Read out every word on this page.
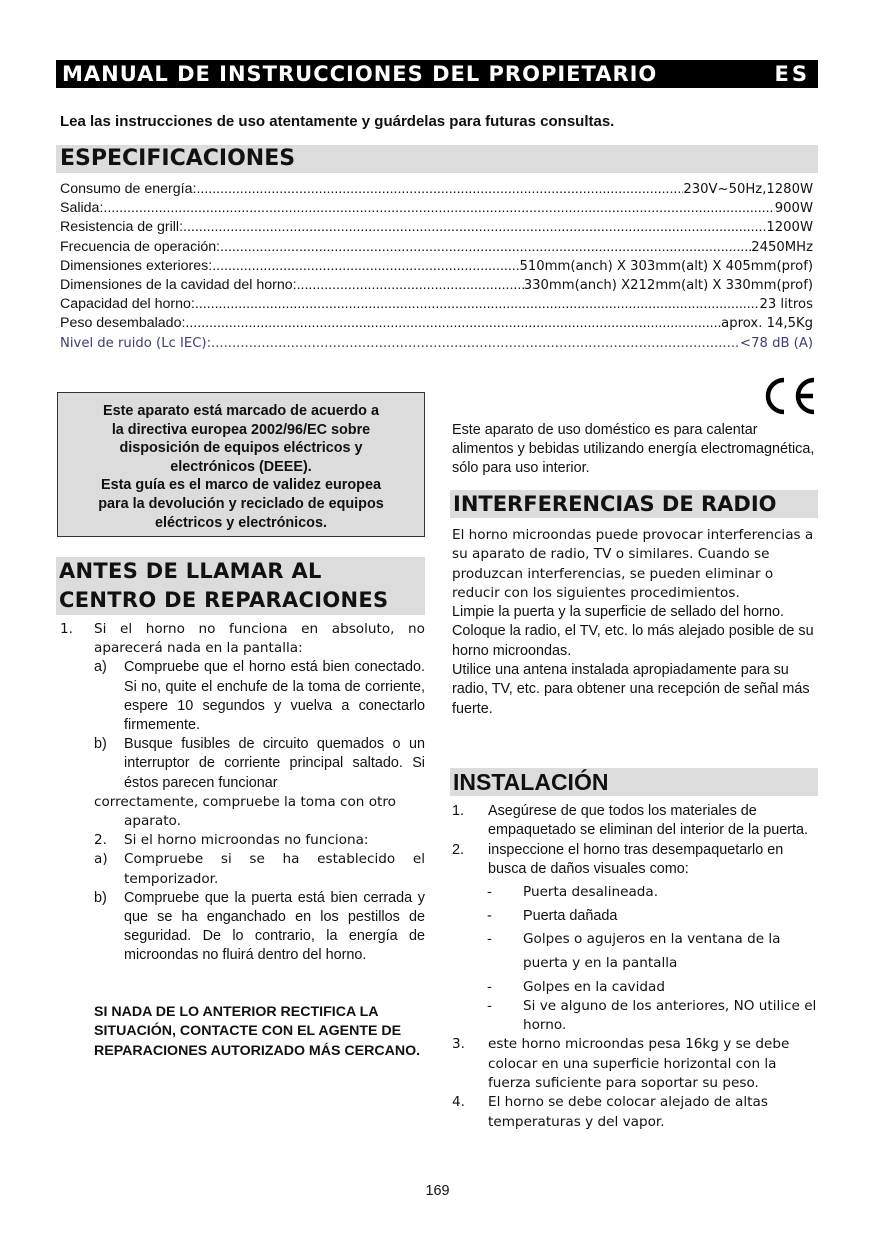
MANUAL DE INSTRUCCIONES DEL PROPIETARIO	ES
Lea las instrucciones de uso atentamente y guárdelas para futuras consultas.
ESPECIFICACIONES
Consumo de energía: .....	230V~50Hz,1280W
Salida: .....	900W
Resistencia de grill: .....	1200W
Frecuencia de operación: .....	2450MHz
Dimensiones exteriores: .....	510mm(anch) X 303mm(alt) X 405mm(prof)
Dimensiones de la cavidad del horno: .....	330mm(anch) X212mm(alt) X 330mm(prof)
Capacidad del horno: .....	23 litros
Peso desembalado: .....	aprox. 14,5Kg
Nivel de ruido (Lc IEC): .....	<78 dB (A)
Este aparato está marcado de acuerdo a
la directiva europea 2002/96/EC sobre
disposición de equipos eléctricos y
electrónicos (DEEE).
Esta guía es el marco de validez europea
para la devolución y reciclado de equipos
eléctricos y electrónicos.
Este aparato de uso doméstico es para calentar alimentos y bebidas utilizando energía electromagnética, sólo para uso interior.
INTERFERENCIAS DE RADIO
El horno microondas puede provocar interferencias a su aparato de radio, TV o similares. Cuando se produzcan interferencias, se pueden eliminar o reducir con los siguientes procedimientos.
Limpie la puerta y la superficie de sellado del horno.
Coloque la radio, el TV, etc. lo más alejado posible de su horno microondas.
Utilice una antena instalada apropiadamente para su radio, TV, etc. para obtener una recepción de señal más fuerte.
INSTALACIÓN
1. Asegúrese de que todos los materiales de empaquetado se eliminan del interior de la puerta.
2. inspeccione el horno tras desempaquetarlo en busca de daños visuales como:
- Puerta desalineada.
- Puerta dañada
- Golpes o agujeros en la ventana de la puerta y en la pantalla
- Golpes en la cavidad
- Si ve alguno de los anteriores, NO utilice el horno.
3. este horno microondas pesa 16kg y se debe colocar en una superficie horizontal con la fuerza suficiente para soportar su peso.
4. El horno se debe colocar alejado de altas temperaturas y del vapor.
ANTES DE LLAMAR AL
CENTRO DE REPARACIONES
1. Si el horno no funciona en absoluto, no aparecerá nada en la pantalla:
a) Compruebe que el horno está bien conectado. Si no, quite el enchufe de la toma de corriente, espere 10 segundos y vuelva a conectarlo firmemente.
b) Busque fusibles de circuito quemados o un interruptor de corriente principal saltado. Si éstos parecen funcionar
correctamente, compruebe la toma con otro
aparato.
2. Si el horno microondas no funciona:
a) Compruebe si se ha establecido el temporizador.
b) Compruebe que la puerta está bien cerrada y que se ha enganchado en los pestillos de seguridad. De lo contrario, la energía de microondas no fluirá dentro del horno.
SI NADA DE LO ANTERIOR RECTIFICA LA SITUACIÓN, CONTACTE CON EL AGENTE DE REPARACIONES AUTORIZADO MÁS CERCANO.
169
